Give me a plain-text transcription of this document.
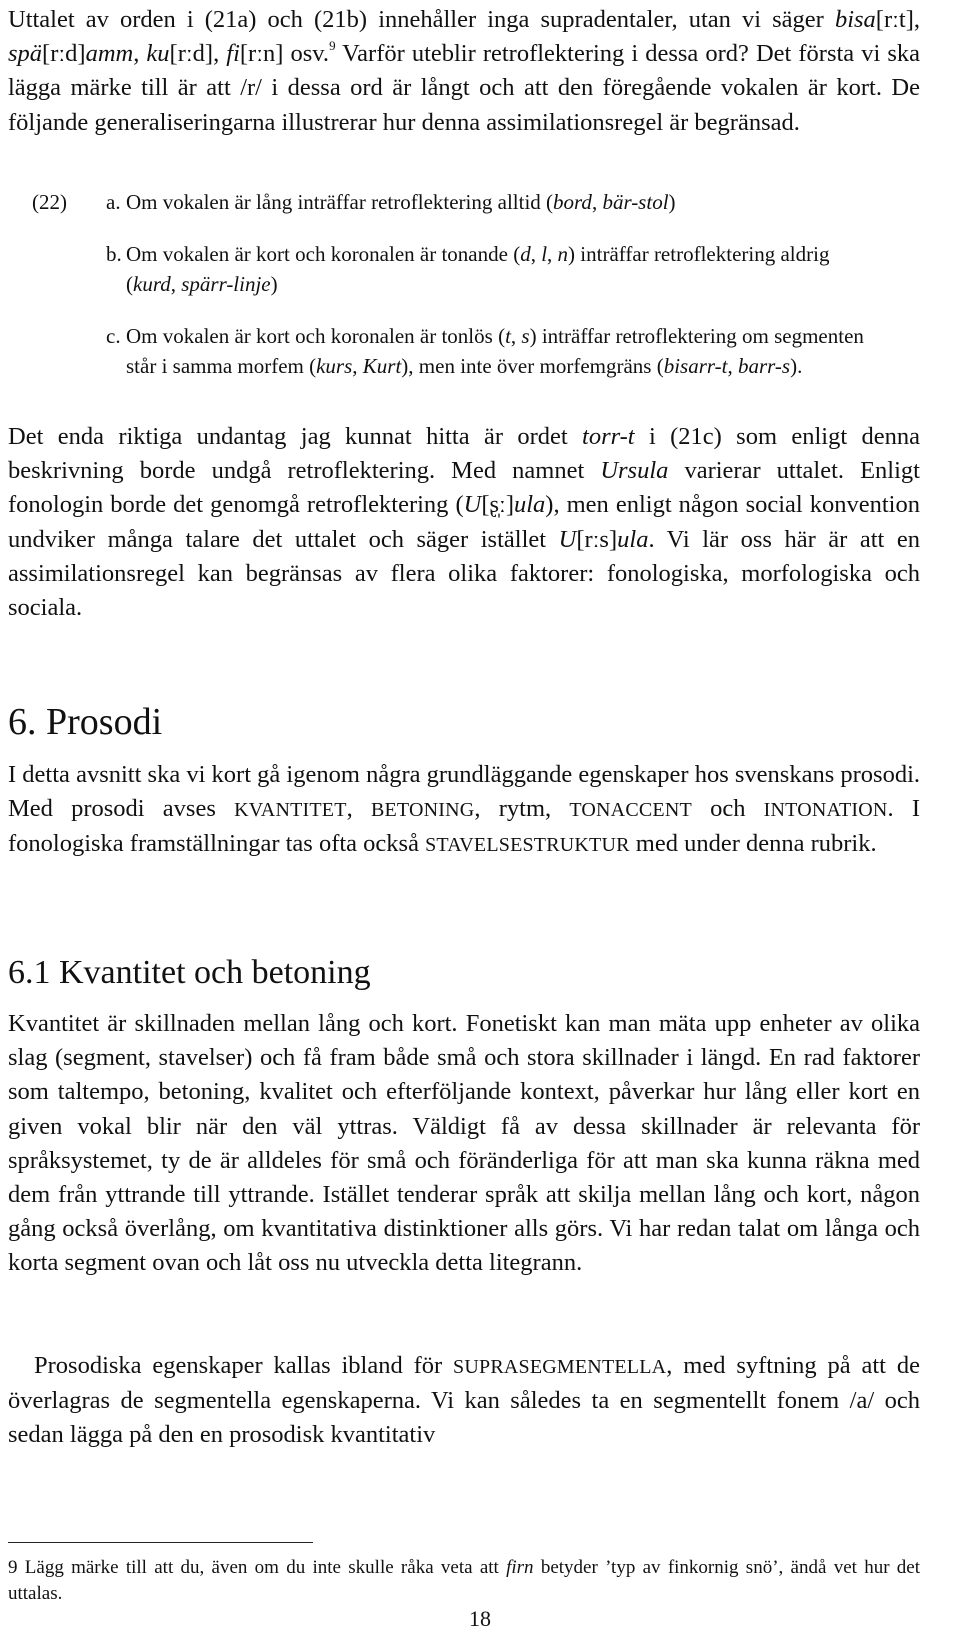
Uttalet av orden i (21a) och (21b) innehåller inga supradentaler, utan vi säger bisa[rːt], spä[rːd]amm, ku[rːd], fi[rːn] osv.$^9$ Varför uteblir retroflektering i dessa ord? Det första vi ska lägga märke till är att /r/ i dessa ord är långt och att den föregående vokalen är kort. De följande generaliseringarna illustrerar hur denna assimilationsregel är begränsad.

(22)	a. Om vokalen är lång inträffar retroflektering alltid (bord, bär-stol)
b. Om vokalen är kort och koronalen är tonande (d, l, n) inträffar retroflektering aldrig (kurd, spärr-linje)
c. Om vokalen är kort och koronalen är tonlös (t, s) inträffar retroflektering om segmenten står i samma morfem (kurs, Kurt), men inte över morfemgräns (bisarr-t, barr-s).

Det enda riktiga undantag jag kunnat hitta är ordet torr-t i (21c) som enligt denna beskrivning borde undgå retroflektering. Med namnet Ursula varierar uttalet. Enligt fonologin borde det genomgå retroflektering (U[ʂ̩ː]ula), men enligt någon social konvention undviker många talare det uttalet och säger istället U[rːs]ula. Vi lär oss här är att en assimilationsregel kan begränsas av flera olika faktorer: fonologiska, morfologiska och sociala.

6. Prosodi

I detta avsnitt ska vi kort gå igenom några grundläggande egenskaper hos svenskans prosodi. Med prosodi avses KVANTITET, BETONING, rytm, TONACCENT och INTONATION. I fonologiska framställningar tas ofta också STAVELSESTRUKTUR med under denna rubrik.

6.1 Kvantitet och betoning

Kvantitet är skillnaden mellan lång och kort. Fonetiskt kan man mäta upp enheter av olika slag (segment, stavelser) och få fram både små och stora skillnader i längd. En rad faktorer som taltempo, betoning, kvalitet och efterföljande kontext, påverkar hur lång eller kort en given vokal blir när den väl yttras. Väldigt få av dessa skillnader är relevanta för språksystemet, ty de är alldeles för små och föränderliga för att man ska kunna räkna med dem från yttrande till yttrande. Istället tenderar språk att skilja mellan lång och kort, någon gång också överlång, om kvantitativa distinktioner alls görs. Vi har redan talat om långa och korta segment ovan och låt oss nu utveckla detta litegrann.

Prosodiska egenskaper kallas ibland för SUPRASEGMENTELLA, med syftning på att de överlagras de segmentella egenskaperna. Vi kan således ta en segmentellt fonem /a/ och sedan lägga på den en prosodisk kvantitativ

9 Lägg märke till att du, även om du inte skulle råka veta att firn betyder ’typ av finkornig snö’, ändå vet hur det uttalas.
18
